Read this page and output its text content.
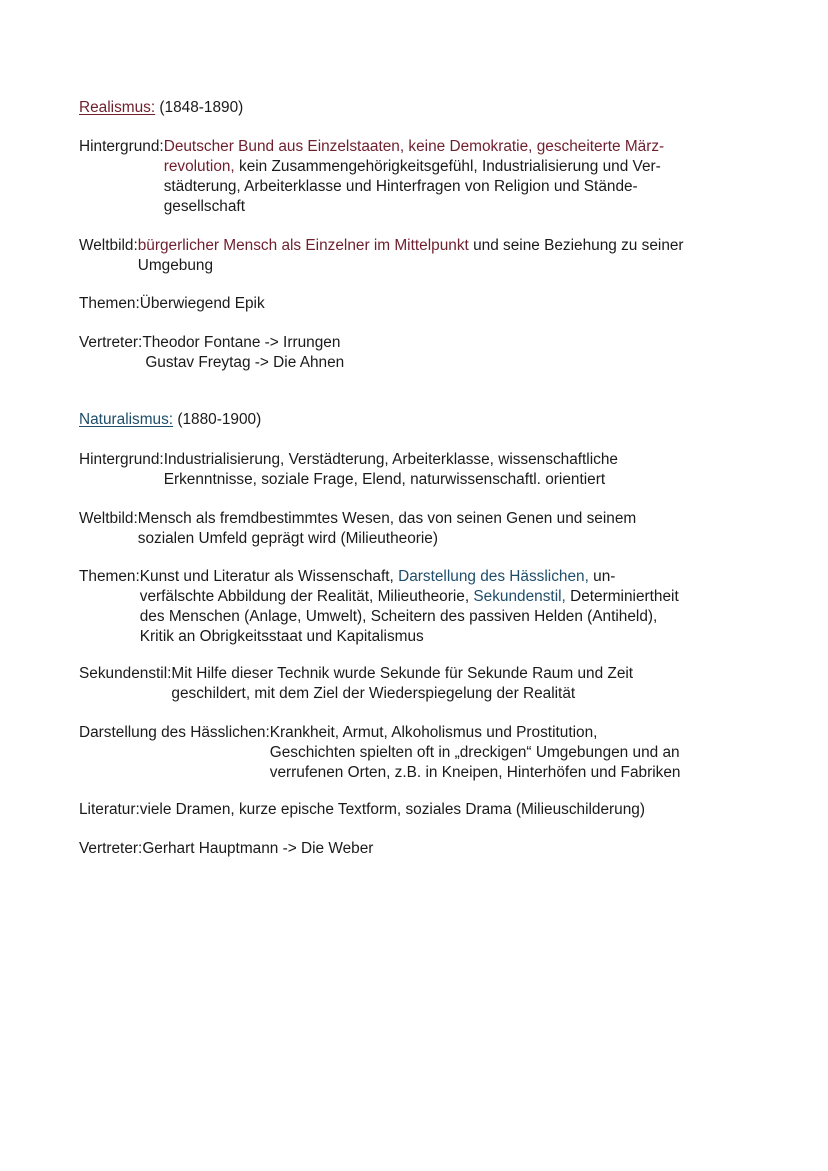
Realismus: (1848-1890)
Hintergrund: Deutscher Bund aus Einzelstaaten, keine Demokratie, gescheiterte März-
revolution, kein Zusammengehörigkeitsgefühl, Industrialisierung und Ver-
städterung, Arbeiterklasse und Hinterfragen von Religion und Stände-
gesellschaft
Weltbild: bürgerlicher Mensch als Einzelner im Mittelpunkt und seine Beziehung zu seiner
Umgebung
Themen: Überwiegend Epik
Vertreter: Theodor Fontane -> Irrungen
Gustav Freytag -> Die Ahnen
Naturalismus: (1880-1900)
Hintergrund: Industrialisierung, Verstädterung, Arbeiterklasse, wissenschaftliche
Erkenntnisse, soziale Frage, Elend, naturwissenschaftl. orientiert
Weltbild: Mensch als fremdbestimmtes Wesen, das von seinen Genen und seinem
sozialen Umfeld geprägt wird (Milieutheorie)
Themen: Kunst und Literatur als Wissenschaft, Darstellung des Hässlichen, un-
verfälschte Abbildung der Realität, Milieutheorie, Sekundenstil, Determiniertheit
des Menschen (Anlage, Umwelt), Scheitern des passiven Helden (Antiheld),
Kritik an Obrigkeitsstaat und Kapitalismus
Sekundenstil: Mit Hilfe dieser Technik wurde Sekunde für Sekunde Raum und Zeit
geschildert, mit dem Ziel der Wiederspiegelung der Realität
Darstellung des Hässlichen: Krankheit, Armut, Alkoholismus und Prostitution,
Geschichten spielten oft in „dreckigen“ Umgebungen und an
verrufenen Orten, z.B. in Kneipen, Hinterhöfen und Fabriken
Literatur: viele Dramen, kurze epische Textform, soziales Drama (Milieuschilderung)
Vertreter: Gerhart Hauptmann -> Die Weber
